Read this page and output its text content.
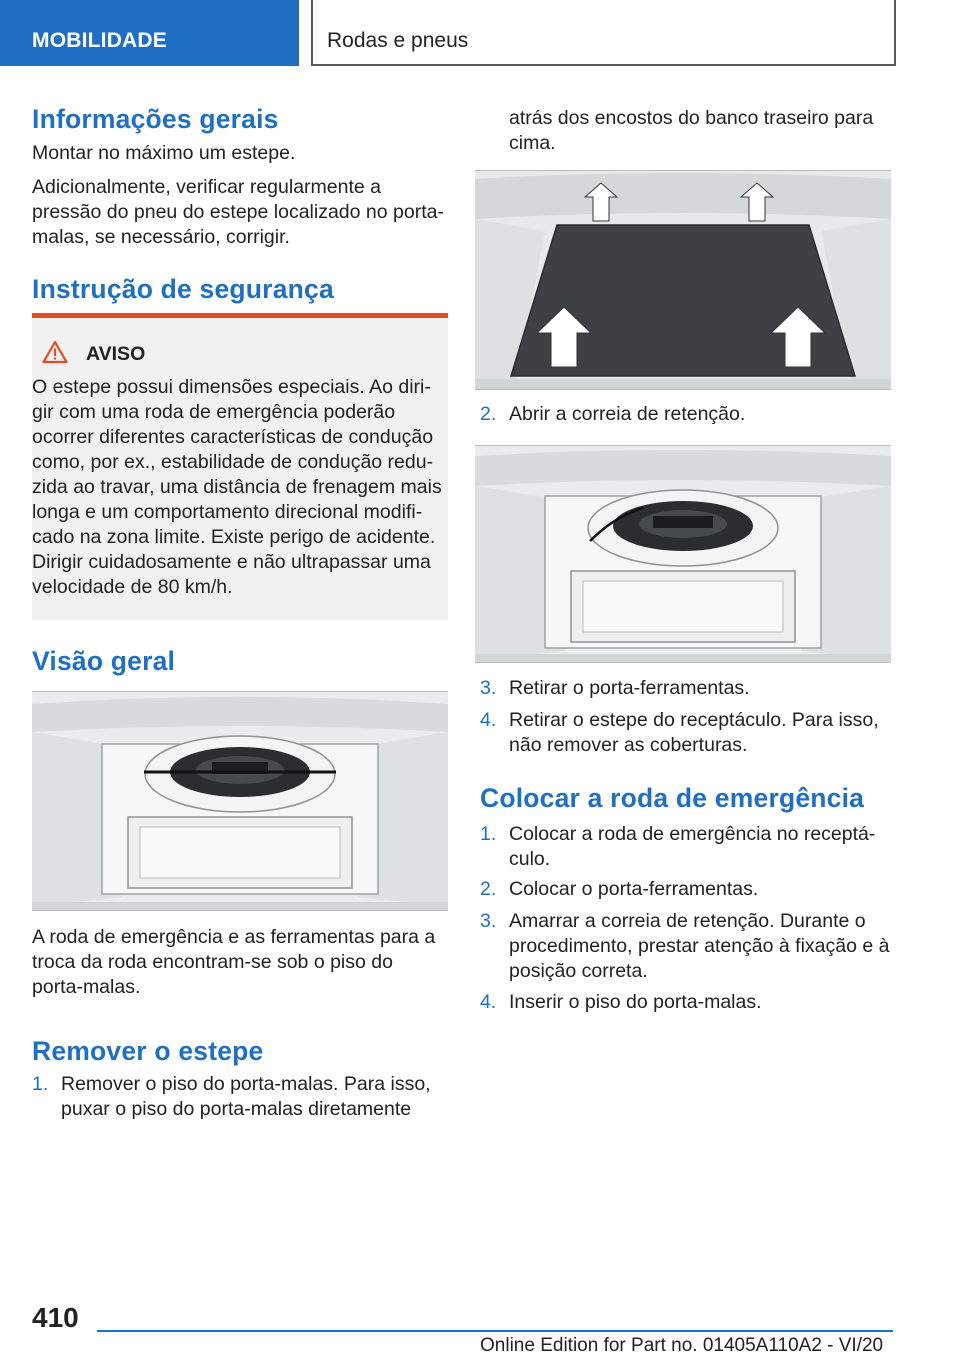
MOBILIDADE	Rodas e pneus
Informações gerais

Montar no máximo um estepe.

Adicionalmente, verificar regularmente a pressão do pneu do estepe localizado no porta-malas, se necessário, corrigir.

Instrução de segurança
AVISO
O estepe possui dimensões especiais. Ao dirigir com uma roda de emergência poderão ocorrer diferentes características de condução como, por ex., estabilidade de condução reduzida ao travar, uma distância de frenagem mais longa e um comportamento direcional modificado na zona limite. Existe perigo de acidente. Dirigir cuidadosamente e não ultrapassar uma velocidade de 80 km/h.
Visão geral

A roda de emergência e as ferramentas para a troca da roda encontram-se sob o piso do porta-malas.

Remover o estepe
1. Remover o piso do porta-malas. Para isso, puxar o piso do porta-malas diretamente

atrás dos encostos do banco traseiro para cima.

2. Abrir a correia de retenção.
3. Retirar o porta-ferramentas.
4. Retirar o estepe do receptáculo. Para isso, não remover as coberturas.
Colocar a roda de emergência
1. Colocar a roda de emergência no receptáculo.
2. Colocar o porta-ferramentas.
3. Amarrar a correia de retenção. Durante o procedimento, prestar atenção à fixação e à posição correta.
4. Inserir o piso do porta-malas.
410
Online Edition for Part no. 01405A110A2 - VI/20
